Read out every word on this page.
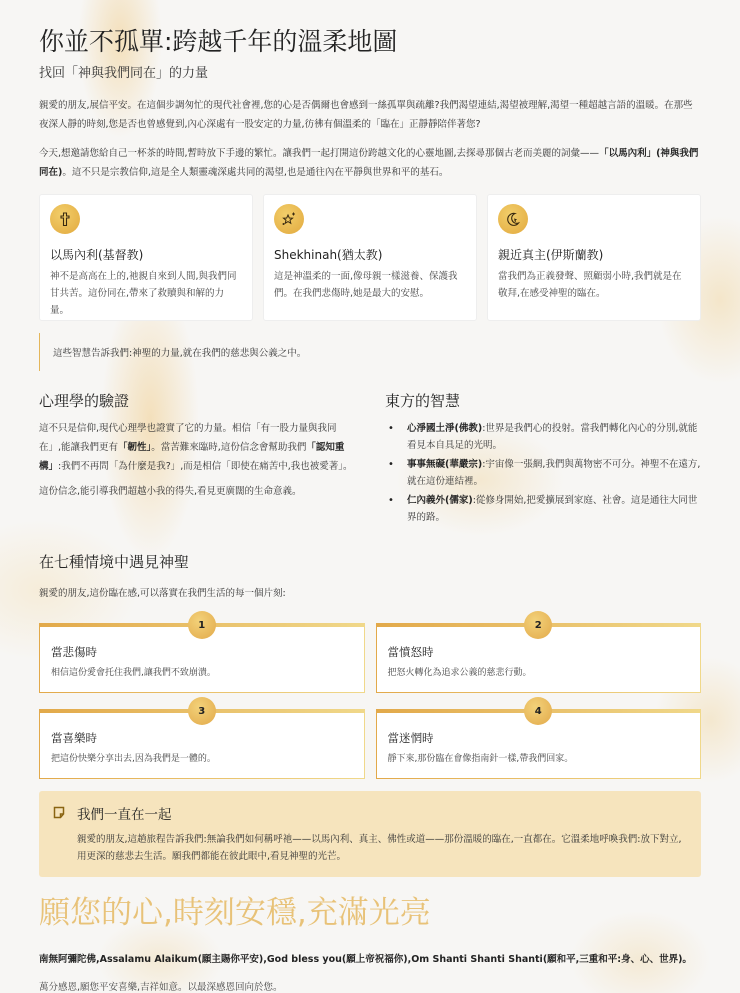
你並不孤單:跨越千年的溫柔地圖
找回「神與我們同在」的力量

親愛的朋友,展信平安。在這個步調匆忙的現代社會裡,您的心是否偶爾也會感到一絲孤單與疏離?我們渴望連結,渴望被理解,渴望一種超越言語的溫暖。在那些夜深人靜的時刻,您是否也曾感覺到,內心深處有一股安定的力量,彷彿有個溫柔的「臨在」正靜靜陪伴著您?

今天,想邀請您給自己一杯茶的時間,暫時放下手邊的繁忙。讓我們一起打開這份跨越文化的心靈地圖,去探尋那個古老而美麗的詞彙——「以馬內利」(神與我們同在)。這不只是宗教信仰,這是全人類靈魂深處共同的渴望,也是通往內在平靜與世界和平的基石。

以馬內利(基督教)

神不是高高在上的,祂親自來到人間,與我們同甘共苦。這份同在,帶來了救贖與和解的力量。

Shekhinah(猶太教)

這是神溫柔的一面,像母親一樣滋養、保護我們。在我們悲傷時,她是最大的安慰。

親近真主(伊斯蘭教)

當我們為正義發聲、照顧弱小時,我們就是在敬拜,在感受神聖的臨在。

這些智慧告訴我們:神聖的力量,就在我們的慈悲與公義之中。
心理學的驗證

這不只是信仰,現代心理學也證實了它的力量。相信「有一股力量與我同在」,能讓我們更有「韌性」。當苦難來臨時,這份信念會幫助我們「認知重構」:我們不再問「為什麼是我?」,而是相信「即使在痛苦中,我也被愛著」。

這份信念,能引導我們超越小我的得失,看見更廣闊的生命意義。

東方的智慧
• 心淨國土淨(佛教):世界是我們心的投射。當我們轉化內心的分別,就能看見本自具足的光明。
• 事事無礙(華嚴宗):宇宙像一張網,我們與萬物密不可分。神聖不在遠方,就在這份連結裡。
• 仁內義外(儒家):從修身開始,把愛擴展到家庭、社會。這是通往大同世界的路。
在七種情境中遇見神聖

親愛的朋友,這份臨在感,可以落實在我們生活的每一個片刻:

1
當悲傷時

相信這份愛會托住我們,讓我們不致崩潰。

2
當憤怒時

把怒火轉化為追求公義的慈悲行動。

3
當喜樂時

把這份快樂分享出去,因為我們是一體的。

4
當迷惘時

靜下來,那份臨在會像指南針一樣,帶我們回家。

我們一直在一起

親愛的朋友,這趟旅程告訴我們:無論我們如何稱呼祂——以馬內利、真主、佛性或道——那份溫暖的臨在,一直都在。它溫柔地呼喚我們:放下對立,用更深的慈悲去生活。願我們都能在彼此眼中,看見神聖的光芒。

願您的心,時刻安穩,充滿光亮

南無阿彌陀佛,Assalamu Alaikum(願主賜你平安),God bless you(願上帝祝福你),Om Shanti Shanti Shanti(願和平,三重和平:身、心、世界)。

萬分感恩,願您平安喜樂,吉祥如意。以最深感恩回向於您。
